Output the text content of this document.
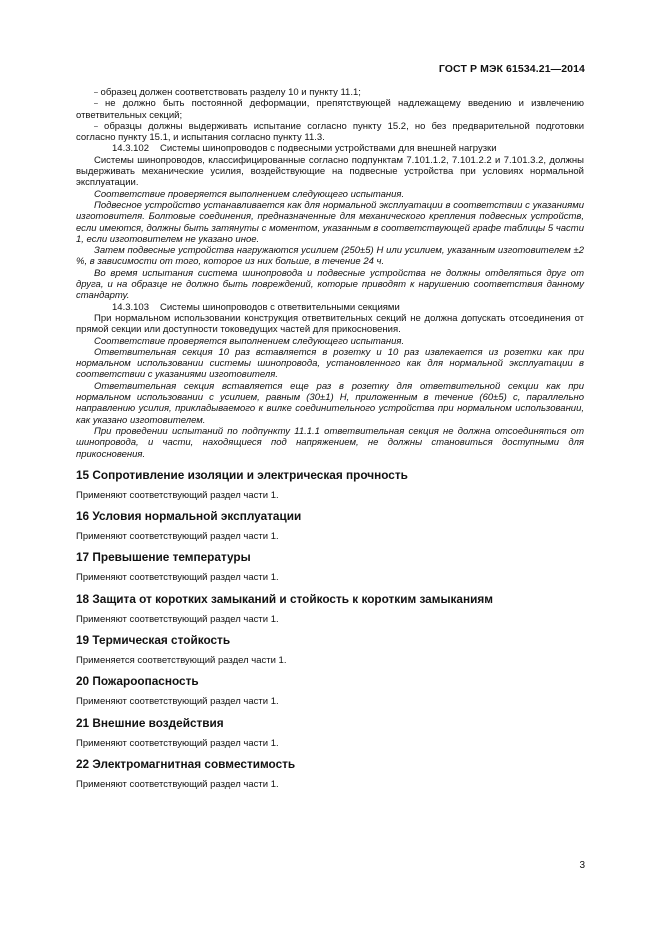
ГОСТ Р МЭК 61534.21—2014

– образец должен соответствовать разделу 10 и пункту 11.1;

– не должно быть постоянной деформации, препятствующей надлежащему введению и извлечению ответвительных секций;

– образцы должны выдерживать испытание согласно пункту 15.2, но без предварительной подготовки согласно пункту 15.1, и испытания согласно пункту 11.3.

14.3.102 Системы шинопроводов с подвесными устройствами для внешней нагрузки

Системы шинопроводов, классифицированные согласно подпунктам 7.101.1.2, 7.101.2.2 и 7.101.3.2, должны выдерживать механические усилия, воздействующие на подвесные устройства при условиях нормальной эксплуатации.

Соответствие проверяется выполнением следующего испытания.

Подвесное устройство устанавливается как для нормальной эксплуатации в соответствии с указаниями изготовителя. Болтовые соединения, предназначенные для механического крепления подвесных устройств, если имеются, должны быть затянуты с моментом, указанным в соответствующей графе таблицы 5 части 1, если изготовителем не указано иное.

Затем подвесные устройства нагружаются усилием (250±5) Н или усилием, указанным изготовителем ±2 %, в зависимости от того, которое из них больше, в течение 24 ч.

Во время испытания система шинопровода и подвесные устройства не должны отделяться друг от друга, и на образце не должно быть повреждений, которые приводят к нарушению соответствия данному стандарту.

14.3.103 Системы шинопроводов с ответвительными секциями

При нормальном использовании конструкция ответвительных секций не должна допускать отсоединения от прямой секции или доступности токоведущих частей для прикосновения.

Соответствие проверяется выполнением следующего испытания.

Ответвительная секция 10 раз вставляется в розетку и 10 раз извлекается из розетки как при нормальном использовании системы шинопровода, установленного как для нормальной эксплуатации в соответствии с указаниями изготовителя.

Ответвительная секция вставляется еще раз в розетку для ответвительной секции как при нормальном использовании с усилием, равным (30±1) Н, приложенным в течение (60±5) с, параллельно направлению усилия, прикладываемого к вилке соединительного устройства при нормальном использовании, как указано изготовителем.

При проведении испытаний по подпункту 11.1.1 ответвительная секция не должна отсоединяться от шинопровода, и части, находящиеся под напряжением, не должны становиться доступными для прикосновения.

15 Сопротивление изоляции и электрическая прочность
Применяют соответствующий раздел части 1.
16 Условия нормальной эксплуатации
Применяют соответствующий раздел части 1.
17 Превышение температуры
Применяют соответствующий раздел части 1.
18 Защита от коротких замыканий и стойкость к коротким замыканиям
Применяют соответствующий раздел части 1.
19 Термическая стойкость
Применяется соответствующий раздел части 1.
20 Пожароопасность
Применяют соответствующий раздел части 1.
21 Внешние воздействия
Применяют соответствующий раздел части 1.
22 Электромагнитная совместимость
Применяют соответствующий раздел части 1.
3
